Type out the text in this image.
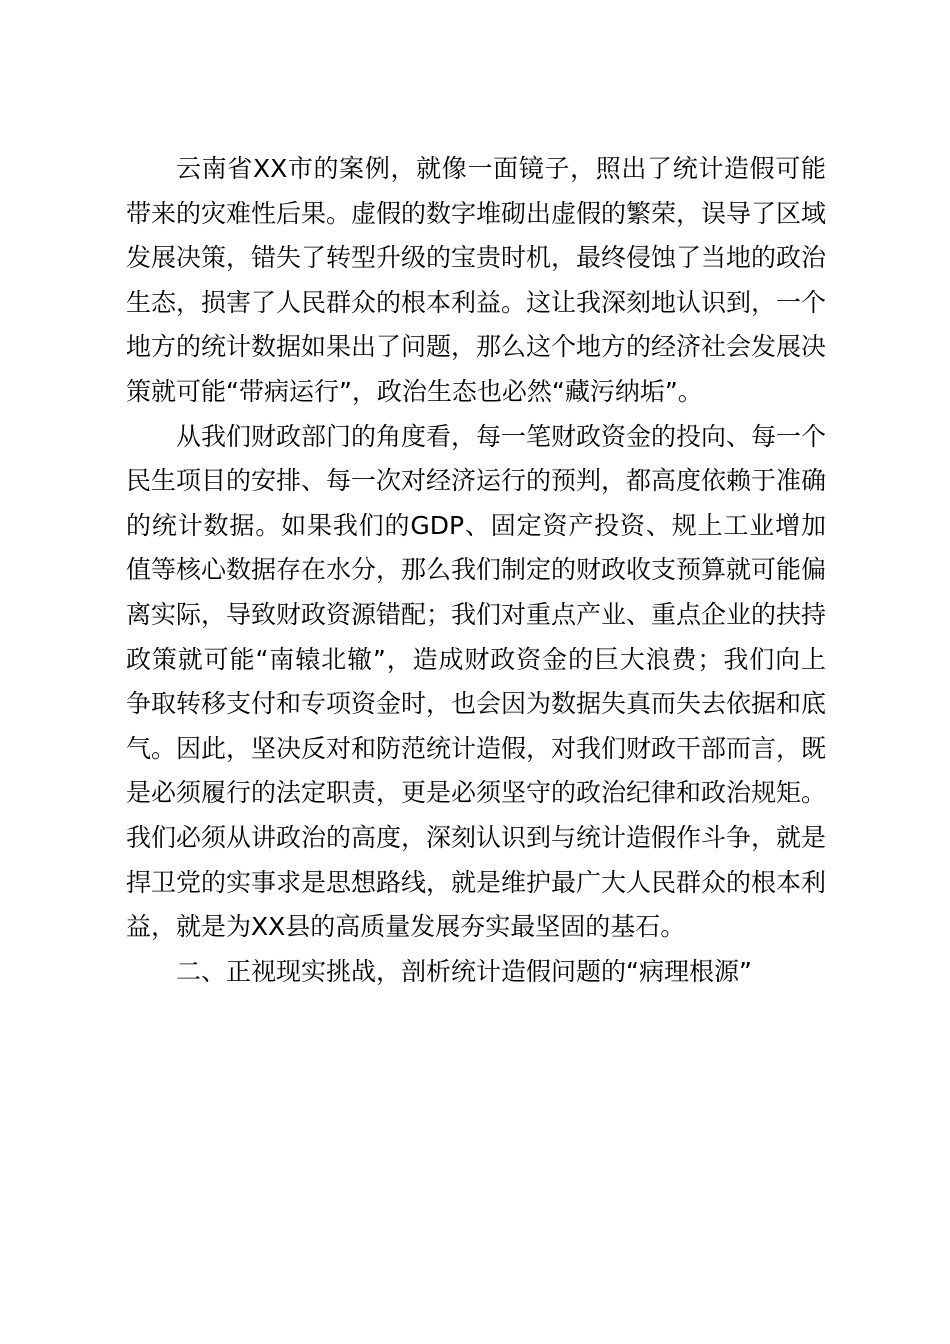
云南省XX市的案例，就像一面镜子，照出了统计造假可能带来的灾难性后果。虚假的数字堆砌出虚假的繁荣，误导了区域发展决策，错失了转型升级的宝贵时机，最终侵蚀了当地的政治生态，损害了人民群众的根本利益。这让我深刻地认识到，一个地方的统计数据如果出了问题，那么这个地方的经济社会发展决策就可能“带病运行”，政治生态也必然“藏污纳垢”。

从我们财政部门的角度看，每一笔财政资金的投向、每一个民生项目的安排、每一次对经济运行的预判，都高度依赖于准确的统计数据。如果我们的GDP、固定资产投资、规上工业增加值等核心数据存在水分，那么我们制定的财政收支预算就可能偏离实际，导致财政资源错配；我们对重点产业、重点企业的扶持政策就可能“南辕北辙”，造成财政资金的巨大浪费；我们向上争取转移支付和专项资金时，也会因为数据失真而失去依据和底气。因此，坚决反对和防范统计造假，对我们财政干部而言，既是必须履行的法定职责，更是必须坚守的政治纪律和政治规矩。我们必须从讲政治的高度，深刻认识到与统计造假作斗争，就是捍卫党的实事求是思想路线，就是维护最广大人民群众的根本利益，就是为XX县的高质量发展夯实最坚固的基石。

二、正视现实挑战，剖析统计造假问题的“病理根源”
